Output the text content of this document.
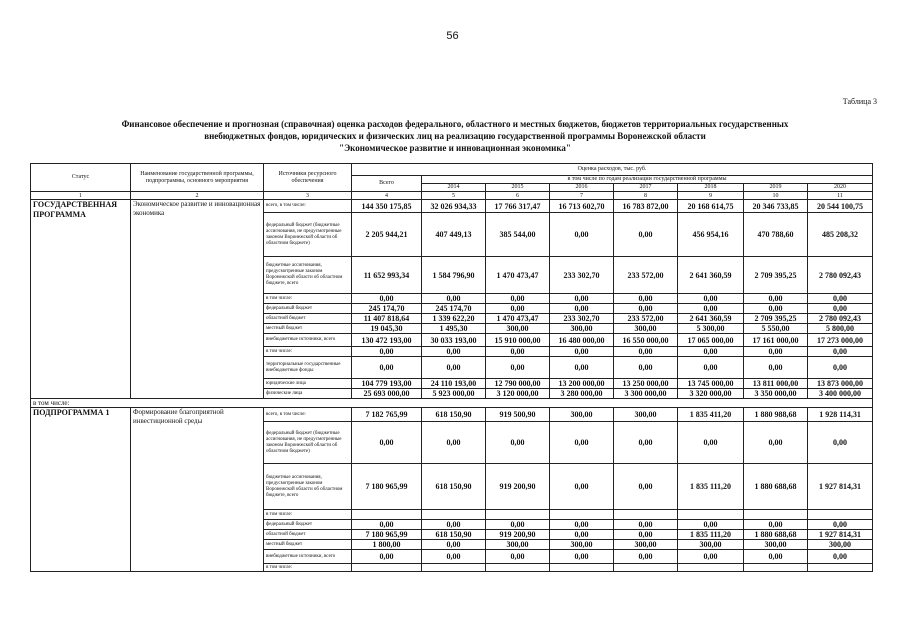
56
Таблица 3
Финансовое обеспечение и прогнозная (справочная) оценка расходов федерального, областного и местных бюджетов, бюджетов территориальных государственных
внебюджетных фондов, юридических и физических лиц на реализацию государственной программы Воронежской области
"Экономическое развитие и инновационная экономика"
Статус	Наименование государственной программы, подпрограммы, основного мероприятия	Источники ресурсного обеспечения	Оценка расходов, тыс. руб.							
			Всего	в том числе по годам реализации государственной программы						
				2014	2015	2016	2017	2018	2019	2020
1	2	3	4	5	6	7	8	9	10	11
ГОСУДАРСТВЕННАЯ ПРОГРАММА	Экономическое развитие и инновационная экономика	всего, в том числе:	144 350 175,85	32 026 934,33	17 766 317,47	16 713 602,70	16 783 872,00	20 168 614,75	20 346 733,85	20 544 100,75
		федеральный бюджет (бюджетные ассигнования, не предусмотренные законом Воронежской области об областном бюджете)	2 205 944,21	407 449,13	385 544,00	0,00	0,00	456 954,16	470 788,60	485 208,32
		бюджетные ассигнования, предусмотренные законом Воронежской области об областном бюджете, всего	11 652 993,34	1 584 796,90	1 470 473,47	233 302,70	233 572,00	2 641 360,59	2 709 395,25	2 780 092,43
		в том числе:	0,00	0,00	0,00	0,00	0,00	0,00	0,00	0,00
		федеральный бюджет	245 174,70	245 174,70	0,00	0,00	0,00	0,00	0,00	0,00
		областной бюджет	11 407 818,64	1 339 622,20	1 470 473,47	233 302,70	233 572,00	2 641 360,59	2 709 395,25	2 780 092,43
		местный бюджет	19 045,30	1 495,30	300,00	300,00	300,00	5 300,00	5 550,00	5 800,00
		внебюджетные источники, всего	130 472 193,00	30 033 193,00	15 910 000,00	16 480 000,00	16 550 000,00	17 065 000,00	17 161 000,00	17 273 000,00
		в том числе:	0,00	0,00	0,00	0,00	0,00	0,00	0,00	0,00
		территориальные государственные внебюджетные фонды	0,00	0,00	0,00	0,00	0,00	0,00	0,00	0,00
		юридические лица	104 779 193,00	24 110 193,00	12 790 000,00	13 200 000,00	13 250 000,00	13 745 000,00	13 811 000,00	13 873 000,00
		физические лица	25 693 000,00	5 923 000,00	3 120 000,00	3 280 000,00	3 300 000,00	3 320 000,00	3 350 000,00	3 400 000,00
в том числе:										
ПОДПРОГРАММА 1	Формирование благоприятной инвестиционной среды	всего, в том числе:	7 182 765,99	618 150,90	919 500,90	300,00	300,00	1 835 411,20	1 880 988,68	1 928 114,31
		федеральный бюджет (бюджетные ассигнования, не предусмотренные законом Воронежской области об областном бюджете)	0,00	0,00	0,00	0,00	0,00	0,00	0,00	0,00
		бюджетные ассигнования, предусмотренные законом Воронежской области об областном бюджете, всего	7 180 965,99	618 150,90	919 200,90	0,00	0,00	1 835 111,20	1 880 688,68	1 927 814,31
		в том числе:								
		федеральный бюджет	0,00	0,00	0,00	0,00	0,00	0,00	0,00	0,00
		областной бюджет	7 180 965,99	618 150,90	919 200,90	0,00	0,00	1 835 111,20	1 880 688,68	1 927 814,31
		местный бюджет	1 800,00	0,00	300,00	300,00	300,00	300,00	300,00	300,00
		внебюджетные источники, всего	0,00	0,00	0,00	0,00	0,00	0,00	0,00	0,00
		в том числе:								
